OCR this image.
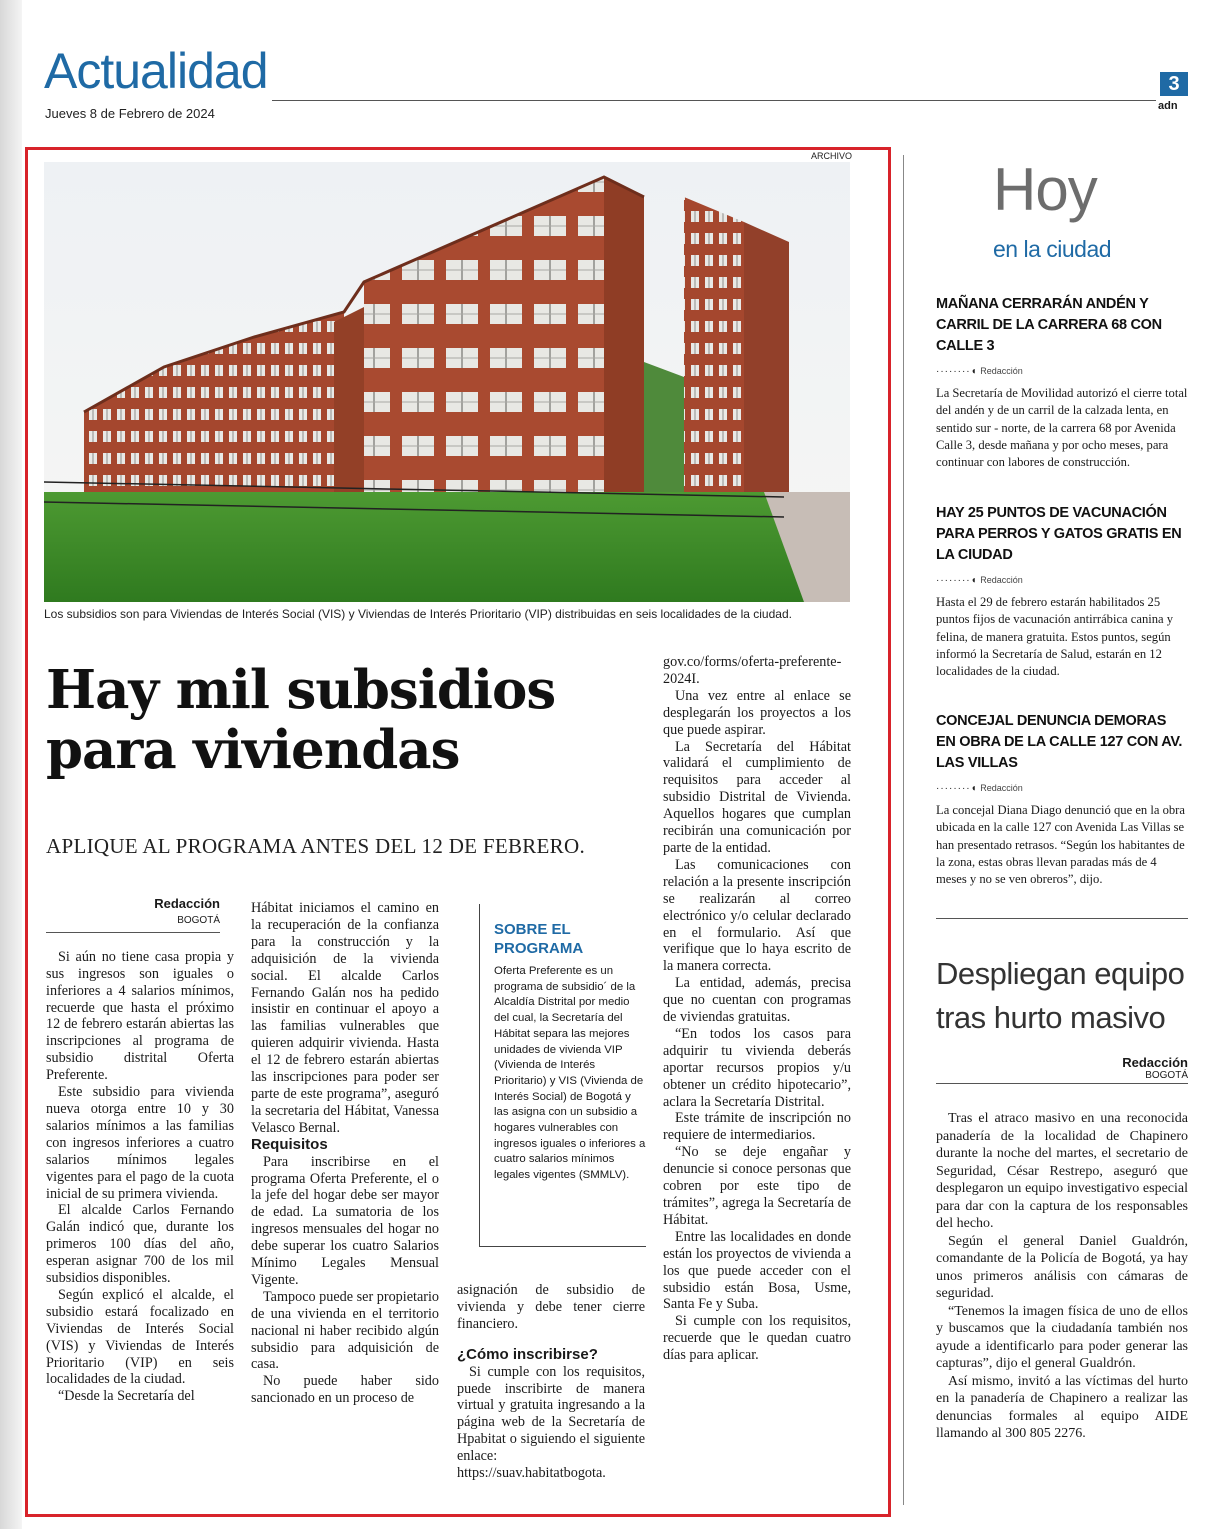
Actualidad
Jueves 8 de Febrero de 2024
3
adn
ARCHIVO
Los subsidios son para Viviendas de Interés Social (VIS) y Viviendas de Interés Prioritario (VIP) distribuidas en seis localidades de la ciudad.
Hay mil subsidios
para viviendas
APLIQUE AL PROGRAMA ANTES DEL 12 DE FEBRERO.
Redacción
BOGOTÁ

Si aún no tiene casa propia y sus ingresos son iguales o inferiores a 4 salarios mínimos, recuerde que hasta el próximo 12 de febrero estarán abiertas las inscripciones al programa de subsidio distrital Oferta Preferente.

Este subsidio para vivienda nueva otorga entre 10 y 30 salarios mínimos a las familias con ingresos inferiores a cuatro salarios mínimos legales vigentes para el pago de la cuota inicial de su primera vivienda.

El alcalde Carlos Fernando Galán indicó que, durante los primeros 100 días del año, esperan asignar 700 de los mil subsidios disponibles.

Según explicó el alcalde, el subsidio estará focalizado en Viviendas de Interés Social (VIS) y Viviendas de Interés Prioritario (VIP) en seis localidades de la ciudad.

“Desde la Secretaría del

Hábitat iniciamos el camino en la recuperación de la confianza para la construcción y la adquisición de la vivienda social. El alcalde Carlos Fernando Galán nos ha pedido insistir en continuar el apoyo a las familias vulnerables que quieren adquirir vivienda. Hasta el 12 de febrero estarán abiertas las inscripciones para poder ser parte de este programa”, aseguró la secretaria del Hábitat, Vanessa Velasco Bernal.

Requisitos

Para inscribirse en el programa Oferta Preferente, el o la jefe del hogar debe ser mayor de edad. La sumatoria de los ingresos mensuales del hogar no debe superar los cuatro Salarios Mínimo Legales Mensual Vigente.

Tampoco puede ser propietario de una vivienda en el territorio nacional ni haber recibido algún subsidio para adquisición de casa.

No puede haber sido sancionado en un proceso de

SOBRE EL PROGRAMA
Oferta Preferente es un programa de subsidio´ de la Alcaldía Distrital por medio del cual, la Secretaría del Hábitat separa las mejores unidades de vivienda VIP (Vivienda de Interés Prioritario) y VIS (Vivienda de Interés Social) de Bogotá y las asigna con un subsidio a hogares vulnerables con ingresos iguales o inferiores a cuatro salarios mínimos legales vigentes (SMMLV).

asignación de subsidio de vivienda y debe tener cierre financiero.

¿Cómo inscribirse?

Si cumple con los requisitos, puede inscribirte de manera virtual y gratuita ingresando a la página web de la Secretaría de Hpabitat o siguiendo el siguiente enlace: https://suav.habitatbogota.

gov.co/forms/oferta-preferente-2024I.

Una vez entre al enlace se desplegarán los proyectos a los que puede aspirar.

La Secretaría del Hábitat validará el cumplimiento de requisitos para acceder al subsidio Distrital de Vivienda. Aquellos hogares que cumplan recibirán una comunicación por parte de la entidad.

Las comunicaciones con relación a la presente inscripción se realizarán al correo electrónico y/o celular declarado en el formulario. Así que verifique que lo haya escrito de la manera correcta.

La entidad, además, precisa que no cuentan con programas de viviendas gratuitas.

“En todos los casos para adquirir tu vivienda deberás aportar recursos propios y/u obtener un crédito hipotecario”, aclara la Secretaría Distrital.

Este trámite de inscripción no requiere de intermediarios.

“No se deje engañar y denuncie si conoce personas que cobren por este tipo de trámites”, agrega la Secretaría de Hábitat.

Entre las localidades en donde están los proyectos de vivienda a los que puede acceder con el subsidio están Bosa, Usme, Santa Fe y Suba.

Si cumple con los requisitos, recuerde que le quedan cuatro días para aplicar.

Hoy
en la ciudad
MAÑANA CERRARÁN ANDÉN Y CARRIL DE LA CARRERA 68 CON CALLE 3
········◖ Redacción
La Secretaría de Movilidad autorizó el cierre total del andén y de un carril de la calzada lenta, en sentido sur - norte, de la carrera 68 por Avenida Calle 3, desde mañana y por ocho meses, para continuar con labores de construcción.
HAY 25 PUNTOS DE VACUNACIÓN PARA PERROS Y GATOS GRATIS EN LA CIUDAD
········◖ Redacción
Hasta el 29 de febrero estarán habilitados 25 puntos fijos de vacunación antirrábica canina y felina, de manera gratuita. Estos puntos, según informó la Secretaría de Salud, estarán en 12 localidades de la ciudad.
CONCEJAL DENUNCIA DEMORAS EN OBRA DE LA CALLE 127 CON AV. LAS VILLAS
········◖ Redacción
La concejal Diana Diago denunció que en la obra ubicada en la calle 127 con Avenida Las Villas se han presentado retrasos. “Según los habitantes de la zona, estas obras llevan paradas más de 4 meses y no se ven obreros”, dijo.
Despliegan equipo tras hurto masivo
Redacción
BOGOTÁ

Tras el atraco masivo en una reconocida panadería de la localidad de Chapinero durante la noche del martes, el secretario de Seguridad, César Restrepo, aseguró que desplegaron un equipo investigativo especial para dar con la captura de los responsables del hecho.

Según el general Daniel Gualdrón, comandante de la Policía de Bogotá, ya hay unos primeros análisis con cámaras de seguridad.

“Tenemos la imagen física de uno de ellos y buscamos que la ciudadanía también nos ayude a identificarlo para poder generar las capturas”, dijo el general Gualdrón.

Así mismo, invitó a las víctimas del hurto en la panadería de Chapinero a realizar las denuncias formales al equipo AIDE llamando al 300 805 2276.
